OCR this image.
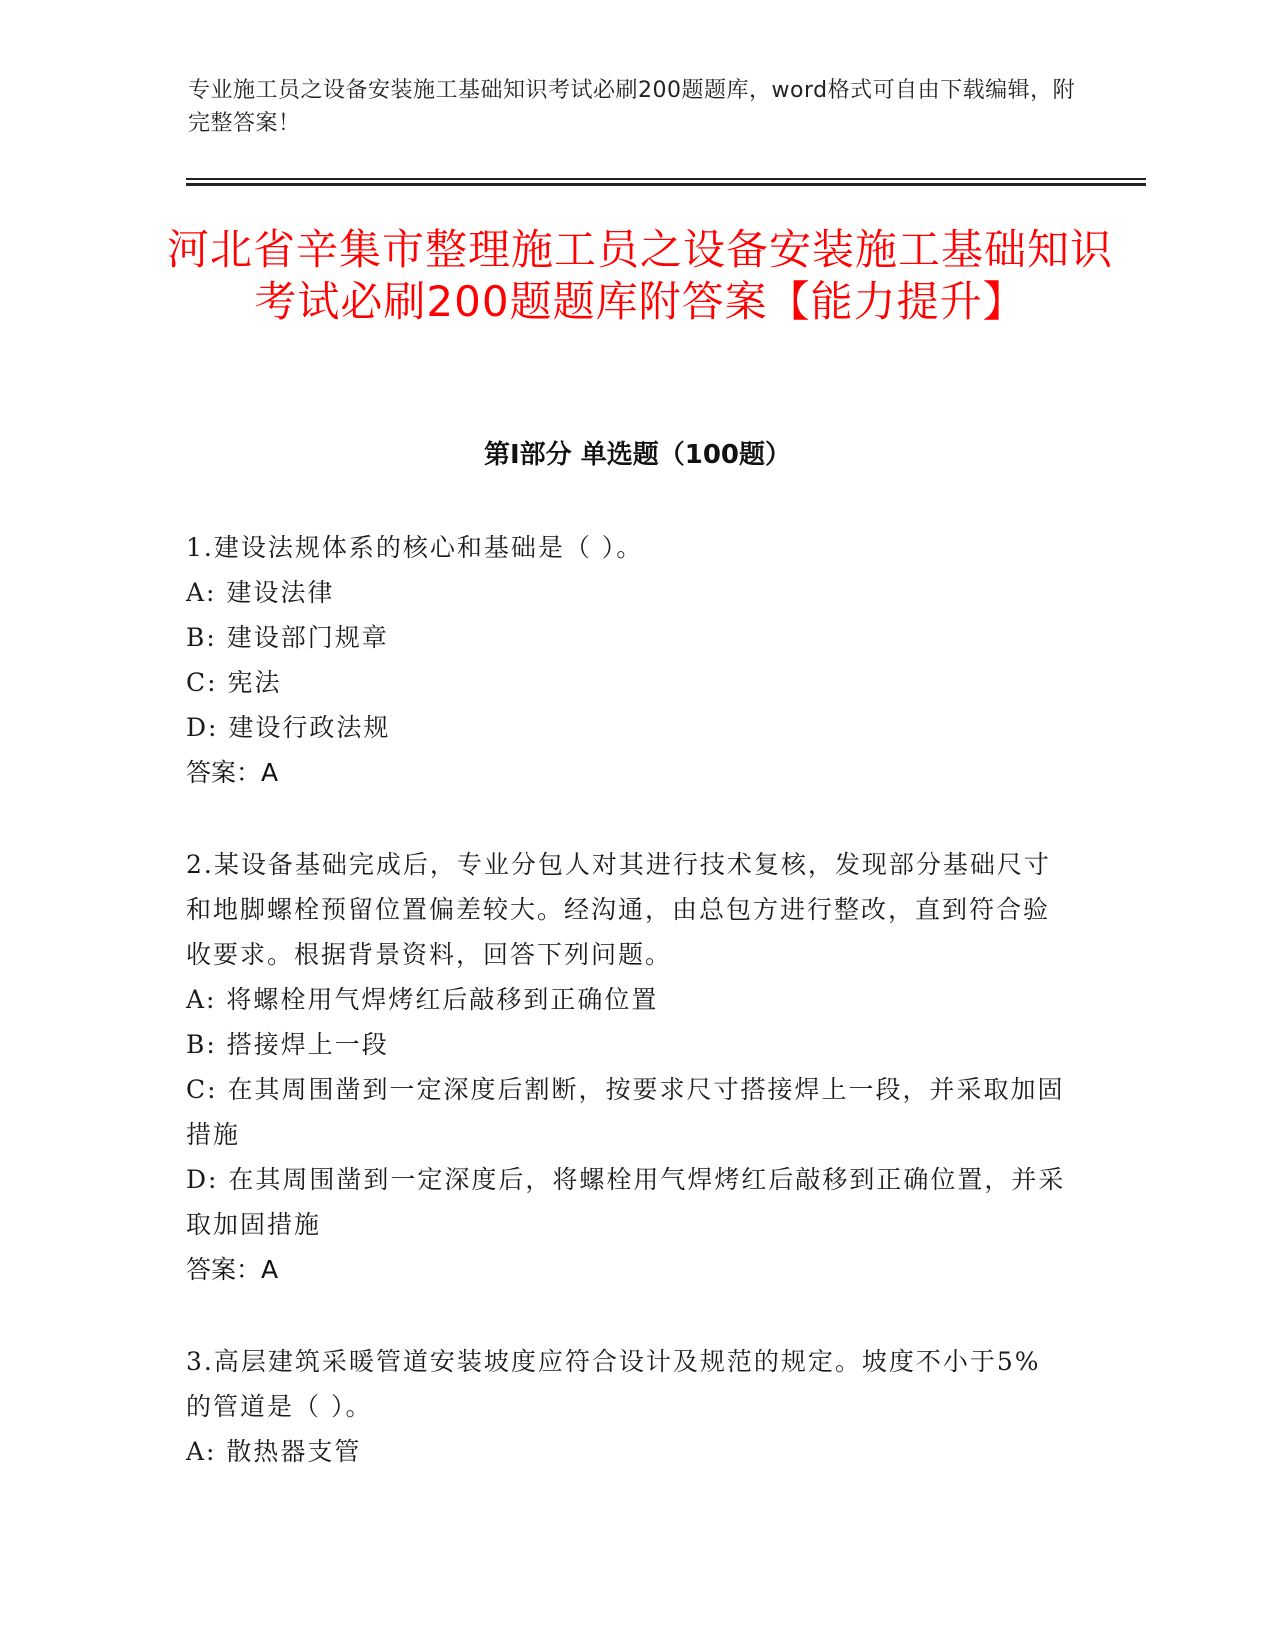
专业施工员之设备安装施工基础知识考试必刷200题题库，word格式可自由下载编辑，附完整答案！
河北省辛集市整理施工员之设备安装施工基础知识考试必刷200题题库附答案【能力提升】
第I部分 单选题（100题）

1.建设法规体系的核心和基础是（ ）。

A: 建设法律

B: 建设部门规章

C: 宪法

D: 建设行政法规

答案：A

2.某设备基础完成后，专业分包人对其进行技术复核，发现部分基础尺寸和地脚螺栓预留位置偏差较大。经沟通，由总包方进行整改，直到符合验收要求。根据背景资料，回答下列问题。

A: 将螺栓用气焊烤红后敲移到正确位置

B: 搭接焊上一段

C: 在其周围凿到一定深度后割断，按要求尺寸搭接焊上一段，并采取加固措施

D: 在其周围凿到一定深度后，将螺栓用气焊烤红后敲移到正确位置，并采取加固措施

答案：A

3.高层建筑采暖管道安装坡度应符合设计及规范的规定。坡度不小于5%的管道是（ ）。

A: 散热器支管
